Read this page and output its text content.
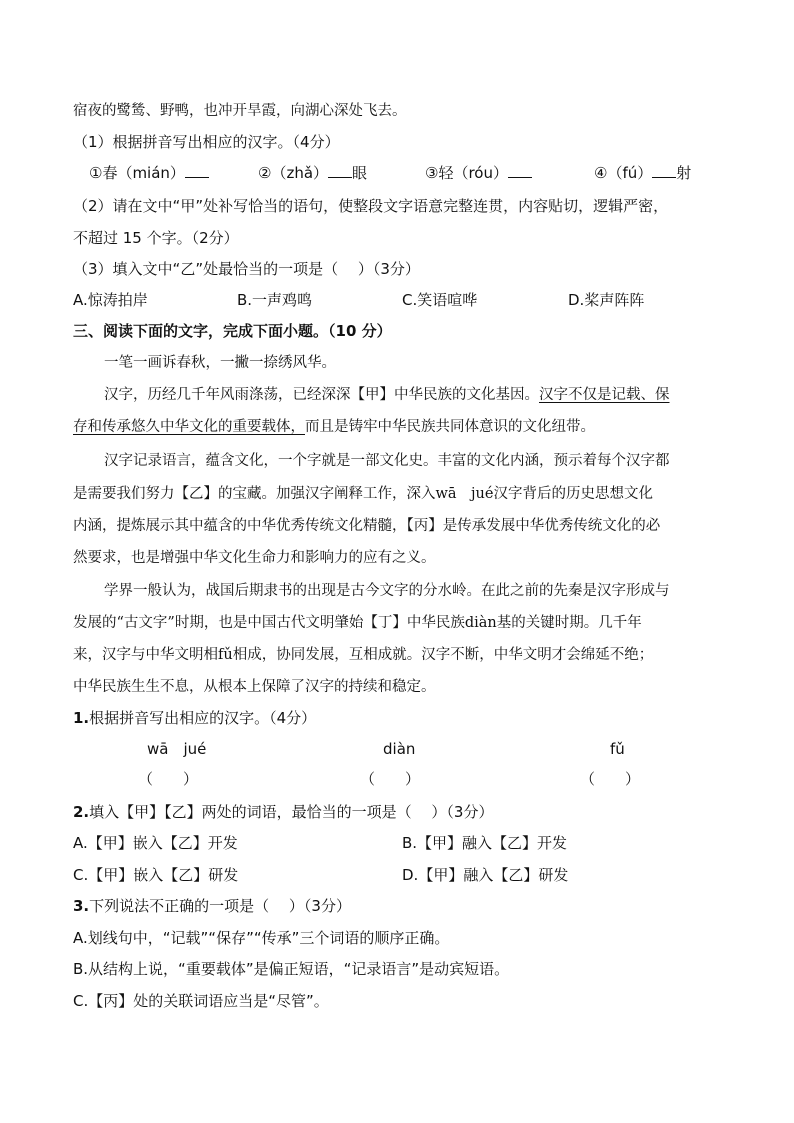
宿夜的鹭鸶、野鸭，也冲开旱霞，向湖心深处飞去。
（1）根据拼音写出相应的汉字。（4分）
①春（mián）	②（zhǎ） 眼	③轻（róu）	④（fú） 射
（2）请在文中“甲”处补写恰当的语句，使整段文字语意完整连贯，内容贴切，逻辑严密，
不超过 15 个字。（2分）
（3）填入文中“乙”处最恰当的一项是（　 ）（3分）
A.惊涛拍岸	B.一声鸡鸣	C.笑语喧哗	D.桨声阵阵
三、阅读下面的文字，完成下面小题。（10 分）
一笔一画诉春秋，一撇一捺绣风华。
汉字，历经几千年风雨涤荡，已经深深【甲】中华民族的文化基因。汉字不仅是记载、保
存和传承悠久中华文化的重要载体，而且是铸牢中华民族共同体意识的文化纽带。
汉字记录语言，蕴含文化，一个字就是一部文化史。丰富的文化内涵，预示着每个汉字都
是需要我们努力【乙】的宝藏。加强汉字阐释工作，深入wā　jué汉字背后的历史思想文化
内涵，提炼展示其中蕴含的中华优秀传统文化精髓，【丙】是传承发展中华优秀传统文化的必
然要求，也是增强中华文化生命力和影响力的应有之义。
学界一般认为，战国后期隶书的出现是古今文字的分水岭。在此之前的先秦是汉字形成与
发展的“古文字”时期，也是中国古代文明肇始【丁】中华民族diàn基的关键时期。几千年
来，汉字与中华文明相fǔ相成，协同发展，互相成就。汉字不断，中华文明才会绵延不绝；
中华民族生生不息，从根本上保障了汉字的持续和稳定。
1.根据拼音写出相应的汉字。（4分）
wā　jué	diàn	fǔ
（　　）	（　　）	（　　）
2.填入【甲】【乙】两处的词语，最恰当的一项是（　 ）（3分）
A.【甲】嵌入【乙】开发	B.【甲】融入【乙】开发
C.【甲】嵌入【乙】研发	D.【甲】融入【乙】研发
3.下列说法不正确的一项是（　 ）（3分）
A.划线句中，“记载”“保存”“传承”三个词语的顺序正确。
B.从结构上说，“重要载体”是偏正短语，“记录语言”是动宾短语。
C.【丙】处的关联词语应当是“尽管”。
